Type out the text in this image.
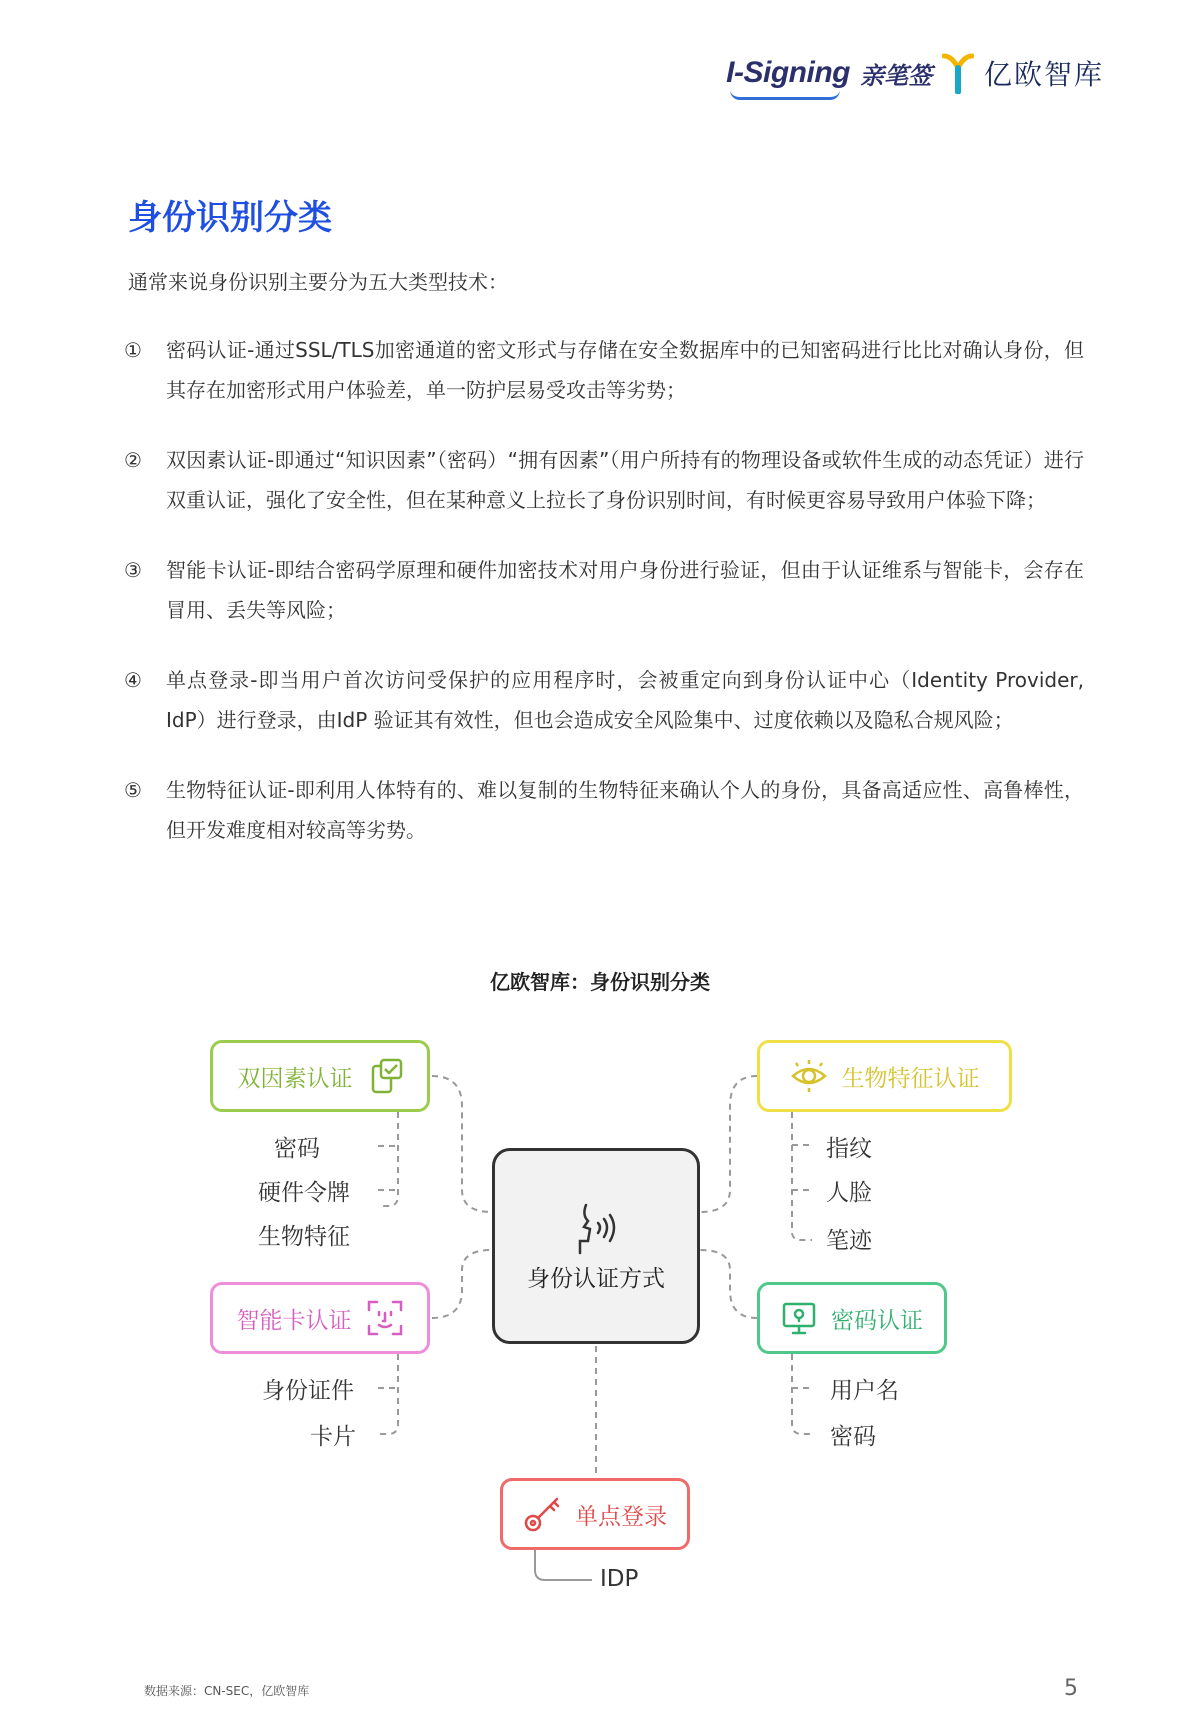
I-Signing 亲笔签 亿欧智库
身份识别分类
通常来说身份识别主要分为五大类型技术：
①	密码认证-通过SSL/TLS加密通道的密文形式与存储在安全数据库中的已知密码进行比比对确认身份，但其存在加密形式用户体验差，单一防护层易受攻击等劣势；
②	双因素认证-即通过“知识因素”（密码）“拥有因素”（用户所持有的物理设备或软件生成的动态凭证）进行双重认证，强化了安全性，但在某种意义上拉长了身份识别时间，有时候更容易导致用户体验下降；
③	智能卡认证-即结合密码学原理和硬件加密技术对用户身份进行验证，但由于认证维系与智能卡，会存在冒用、丢失等风险；
④	单点登录-即当用户首次访问受保护的应用程序时，会被重定向到身份认证中心（Identity Provider, IdP）进行登录，由IdP 验证其有效性，但也会造成安全风险集中、过度依赖以及隐私合规风险；
⑤	生物特征认证-即利用人体特有的、难以复制的生物特征来确认个人的身份，具备高适应性、高鲁棒性，但开发难度相对较高等劣势。
亿欧智库：身份识别分类
身份认证方式
双因素认证
密码
硬件令牌
生物特征
生物特征认证
指纹
人脸
笔迹
智能卡认证
身份证件
卡片
密码认证
用户名
密码
单点登录
IDP
数据来源：CN-SEC，亿欧智库	5
